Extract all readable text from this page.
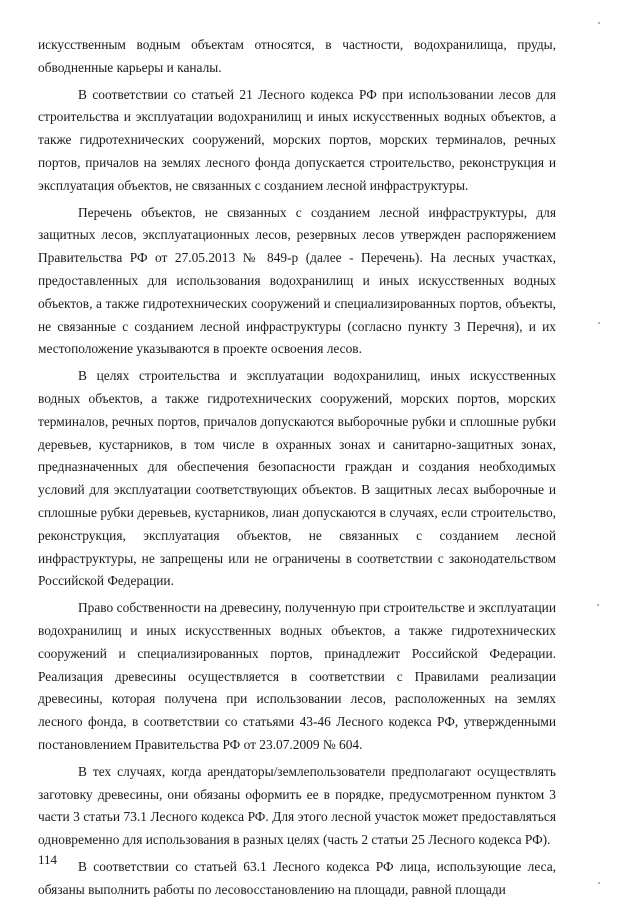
искусственным водным объектам относятся, в частности, водохранилища, пруды, обводненные карьеры и каналы.

В соответствии со статьей 21 Лесного кодекса РФ при использовании лесов для строительства и эксплуатации водохранилищ и иных искусственных водных объектов, а также гидротехнических сооружений, морских портов, морских терминалов, речных портов, причалов на землях лесного фонда допускается строительство, реконструкция и эксплуатация объектов, не связанных с созданием лесной инфраструктуры.

Перечень объектов, не связанных с созданием лесной инфраструктуры, для защитных лесов, эксплуатационных лесов, резервных лесов утвержден распоряжением Правительства РФ от 27.05.2013 № 849-р (далее - Перечень). На лесных участках, предоставленных для использования водохранилищ и иных искусственных водных объектов, а также гидротехнических сооружений и специализированных портов, объекты, не связанные с созданием лесной инфраструктуры (согласно пункту 3 Перечня), и их местоположение указываются в проекте освоения лесов.

В целях строительства и эксплуатации водохранилищ, иных искусственных водных объектов, а также гидротехнических сооружений, морских портов, морских терминалов, речных портов, причалов допускаются выборочные рубки и сплошные рубки деревьев, кустарников, в том числе в охранных зонах и санитарно-защитных зонах, предназначенных для обеспечения безопасности граждан и создания необходимых условий для эксплуатации соответствующих объектов. В защитных лесах выборочные и сплошные рубки деревьев, кустарников, лиан допускаются в случаях, если строительство, реконструкция, эксплуатация объектов, не связанных с созданием лесной инфраструктуры, не запрещены или не ограничены в соответствии с законодательством Российской Федерации.

Право собственности на древесину, полученную при строительстве и эксплуатации водохранилищ и иных искусственных водных объектов, а также гидротехнических сооружений и специализированных портов, принадлежит Российской Федерации. Реализация древесины осуществляется в соответствии с Правилами реализации древесины, которая получена при использовании лесов, расположенных на землях лесного фонда, в соответствии со статьями 43-46 Лесного кодекса РФ, утвержденными постановлением Правительства РФ от 23.07.2009 № 604.

В тех случаях, когда арендаторы/землепользователи предполагают осуществлять заготовку древесины, они обязаны оформить ее в порядке, предусмотренном пунктом 3 части 3 статьи 73.1 Лесного кодекса РФ. Для этого лесной участок может предоставляться одновременно для использования в разных целях (часть 2 статьи 25 Лесного кодекса РФ).

В соответствии со статьей 63.1 Лесного кодекса РФ лица, использующие леса, обязаны выполнить работы по лесовосстановлению на площади, равной площади

114
